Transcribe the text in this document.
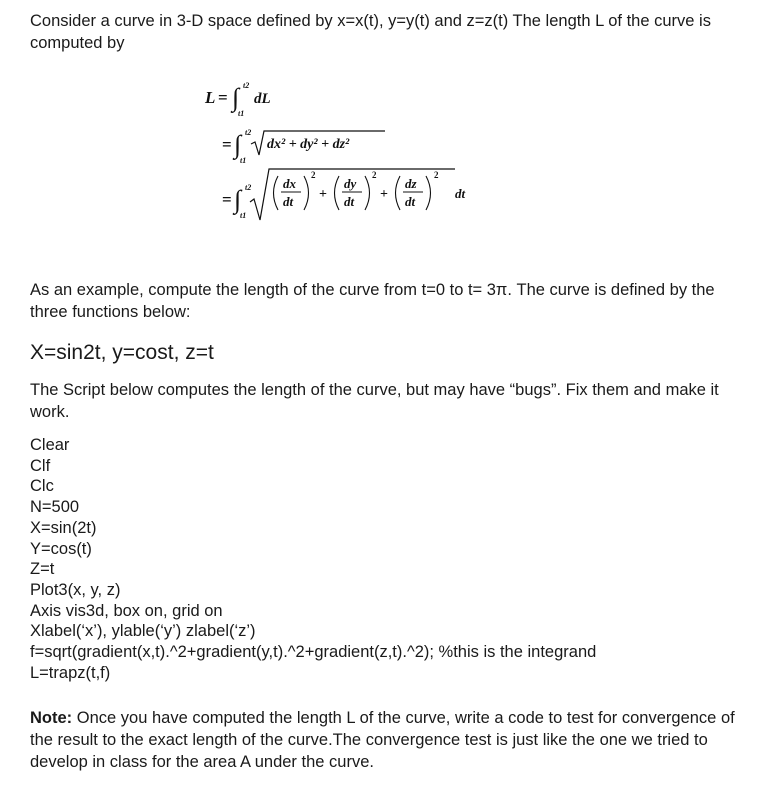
Consider a curve in 3-D space defined by x=x(t), y=y(t) and z=z(t) The length L of the curve is computed by

L = ∫ t2
t1
dL
= ∫ t2
t1
dx² + dy² + dz²
= ∫ t2
t1
dx
dt
2
+
dy
dt
2
+
dz
dt
2
dt

As an example, compute the length of the curve from t=0 to t= 3π. The curve is defined by the three functions below:

X=sin2t, y=cost, z=t

The Script below computes the length of the curve, but may have “bugs”. Fix them and make it work.

Clear
Clf
Clc
N=500
X=sin(2t)
Y=cos(t)
Z=t
Plot3(x, y, z)
Axis vis3d, box on, grid on
Xlabel(‘x’), ylable(‘y’) zlabel(‘z’)
f=sqrt(gradient(x,t).^2+gradient(y,t).^2+gradient(z,t).^2); %this is the integrand
L=trapz(t,f)

Note: Once you have computed the length L of the curve, write a code to test for convergence of the result to the exact length of the curve.The convergence test is just like the one we tried to develop in class for the area A under the curve.
